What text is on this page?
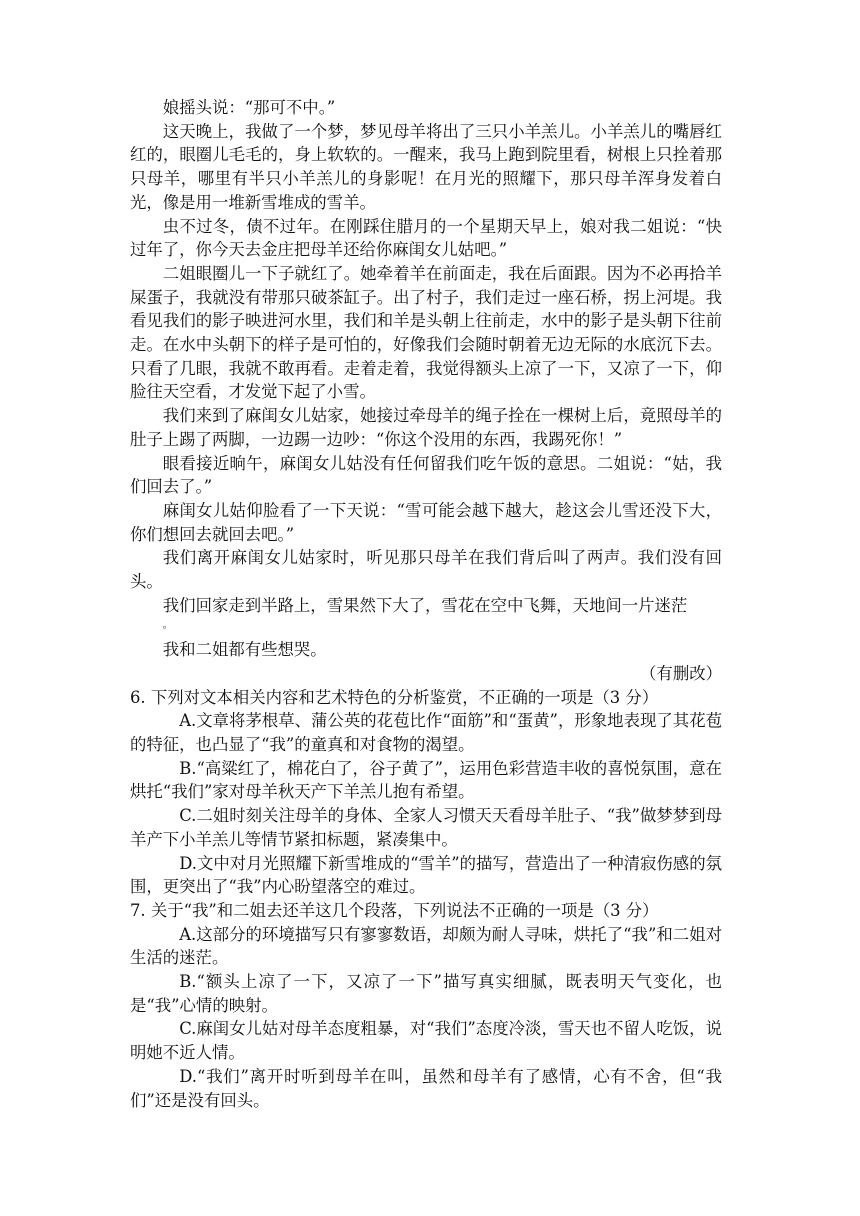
娘摇头说：“那可不中。”

这天晚上，我做了一个梦，梦见母羊将出了三只小羊羔儿。小羊羔儿的嘴唇红红的，眼圈儿毛毛的，身上软软的。一醒来，我马上跑到院里看，树根上只拴着那只母羊，哪里有半只小羊羔儿的身影呢！在月光的照耀下，那只母羊浑身发着白光，像是用一堆新雪堆成的雪羊。

虫不过冬，债不过年。在刚踩住腊月的一个星期天早上，娘对我二姐说：“快过年了，你今天去金庄把母羊还给你麻闺女儿姑吧。”

二姐眼圈儿一下子就红了。她牵着羊在前面走，我在后面跟。因为不必再拾羊屎蛋子，我就没有带那只破茶缸子。出了村子，我们走过一座石桥，拐上河堤。我看见我们的影子映进河水里，我们和羊是头朝上往前走，水中的影子是头朝下往前走。在水中头朝下的样子是可怕的，好像我们会随时朝着无边无际的水底沉下去。只看了几眼，我就不敢再看。走着走着，我觉得额头上凉了一下，又凉了一下，仰脸往天空看，才发觉下起了小雪。

我们来到了麻闺女儿姑家，她接过牵母羊的绳子拴在一棵树上后，竟照母羊的肚子上踢了两脚，一边踢一边吵：“你这个没用的东西，我踢死你！”

眼看接近晌午，麻闺女儿姑没有任何留我们吃午饭的意思。二姐说：“姑，我们回去了。”

麻闺女儿姑仰脸看了一下天说：“雪可能会越下越大，趁这会儿雪还没下大，你们想回去就回去吧。”

我们离开麻闺女儿姑家时，听见那只母羊在我们背后叫了两声。我们没有回头。

我们回家走到半路上，雪果然下大了，雪花在空中飞舞，天地间一片迷茫
。

我和二姐都有些想哭。

（有删改）

6. 下列对文本相关内容和艺术特色的分析鉴赏，不正确的一项是（3 分）

A.文章将茅根草、蒲公英的花苞比作“面筋”和“蛋黄”，形象地表现了其花苞的特征，也凸显了“我”的童真和对食物的渴望。

B.“高粱红了，棉花白了，谷子黄了”，运用色彩营造丰收的喜悦氛围，意在烘托“我们”家对母羊秋天产下羊羔儿抱有希望。

C.二姐时刻关注母羊的身体、全家人习惯天天看母羊肚子、“我”做梦梦到母羊产下小羊羔儿等情节紧扣标题，紧凑集中。

D.文中对月光照耀下新雪堆成的“雪羊”的描写，营造出了一种清寂伤感的氛围，更突出了“我”内心盼望落空的难过。

7. 关于“我”和二姐去还羊这几个段落，下列说法不正确的一项是（3 分）

A.这部分的环境描写只有寥寥数语，却颇为耐人寻味，烘托了“我”和二姐对生活的迷茫。

B.“额头上凉了一下，又凉了一下”描写真实细腻，既表明天气变化，也是“我”心情的映射。

C.麻闺女儿姑对母羊态度粗暴，对“我们”态度冷淡，雪天也不留人吃饭，说明她不近人情。

D.“我们”离开时听到母羊在叫，虽然和母羊有了感情，心有不舍，但“我们”还是没有回头。
